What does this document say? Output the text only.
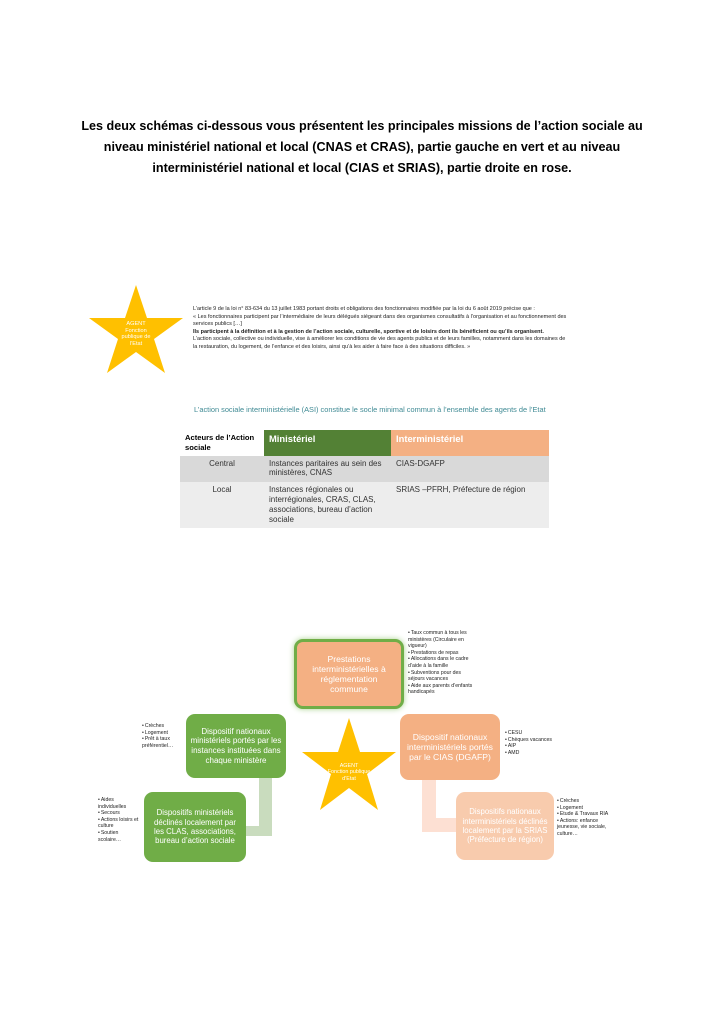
Les deux schémas ci-dessous vous présentent les principales missions de l’action sociale au niveau ministériel national et local (CNAS et CRAS), partie gauche en vert et au niveau interministériel national et local (CIAS et SRIAS), partie droite en rose.
AGENT
Fonction
publique de
l’Etat

L’article 9 de la loi n° 83-634 du 13 juillet 1983 portant droits et obligations des fonctionnaires modifiée par la loi du 6 août 2019 précise que :

« Les fonctionnaires participent par l’intermédiaire de leurs délégués siégeant dans des organismes consultatifs à l’organisation et au fonctionnement des services publics […]

Ils participent à la définition et à la gestion de l’action sociale, culturelle, sportive et de loisirs dont ils bénéficient ou qu’ils organisent.

L’action sociale, collective ou individuelle, vise à améliorer les conditions de vie des agents publics et de leurs familles, notamment dans les domaines de la restauration, du logement, de l’enfance et des loisirs, ainsi qu’à les aider à faire face à des situations difficiles. »

L’action sociale interministérielle (ASI) constitue le socle minimal commun à l’ensemble des agents de l’Etat
Acteurs de l’Action sociale	Ministériel	Interministériel
Central	Instances paritaires au sein des ministères, CNAS	CIAS-DGAFP
Local	Instances régionales ou interrégionales, CRAS, CLAS, associations, bureau d’action sociale	SRIAS –PFRH, Préfecture de région
AGENT
Fonction publique
d’Etat
Prestations interministérielles à réglementation commune
Dispositif nationaux ministériels portés par les instances instituées dans chaque ministère
Dispositifs ministériels déclinés localement par les CLAS, associations, bureau d’action sociale
Dispositif nationaux interministériels portés par le CIAS (DGAFP)
Dispositifs nationaux interministériels déclinés localement par la SRIAS (Préfecture de région)
• Taux commun à tous les ministères (Circulaire en vigueur)
• Prestations de repas
• Allocations dans le cadre d’aide à la famille
• Subventions pour des séjours vacances
• Aide aux parents d’enfants handicapés
• Crèches
• Logement
• Prêt à taux préférentiel…
• Aides individuelles
• Secours
• Actions loisirs et culture
• Soutien scolaire…
• CESU
• Chèques vacances
• AIP
• AMD
• Crèches
• Logement
• Etude & Travaux RIA
• Actions: enfance jeunesse, vie sociale, culture…
